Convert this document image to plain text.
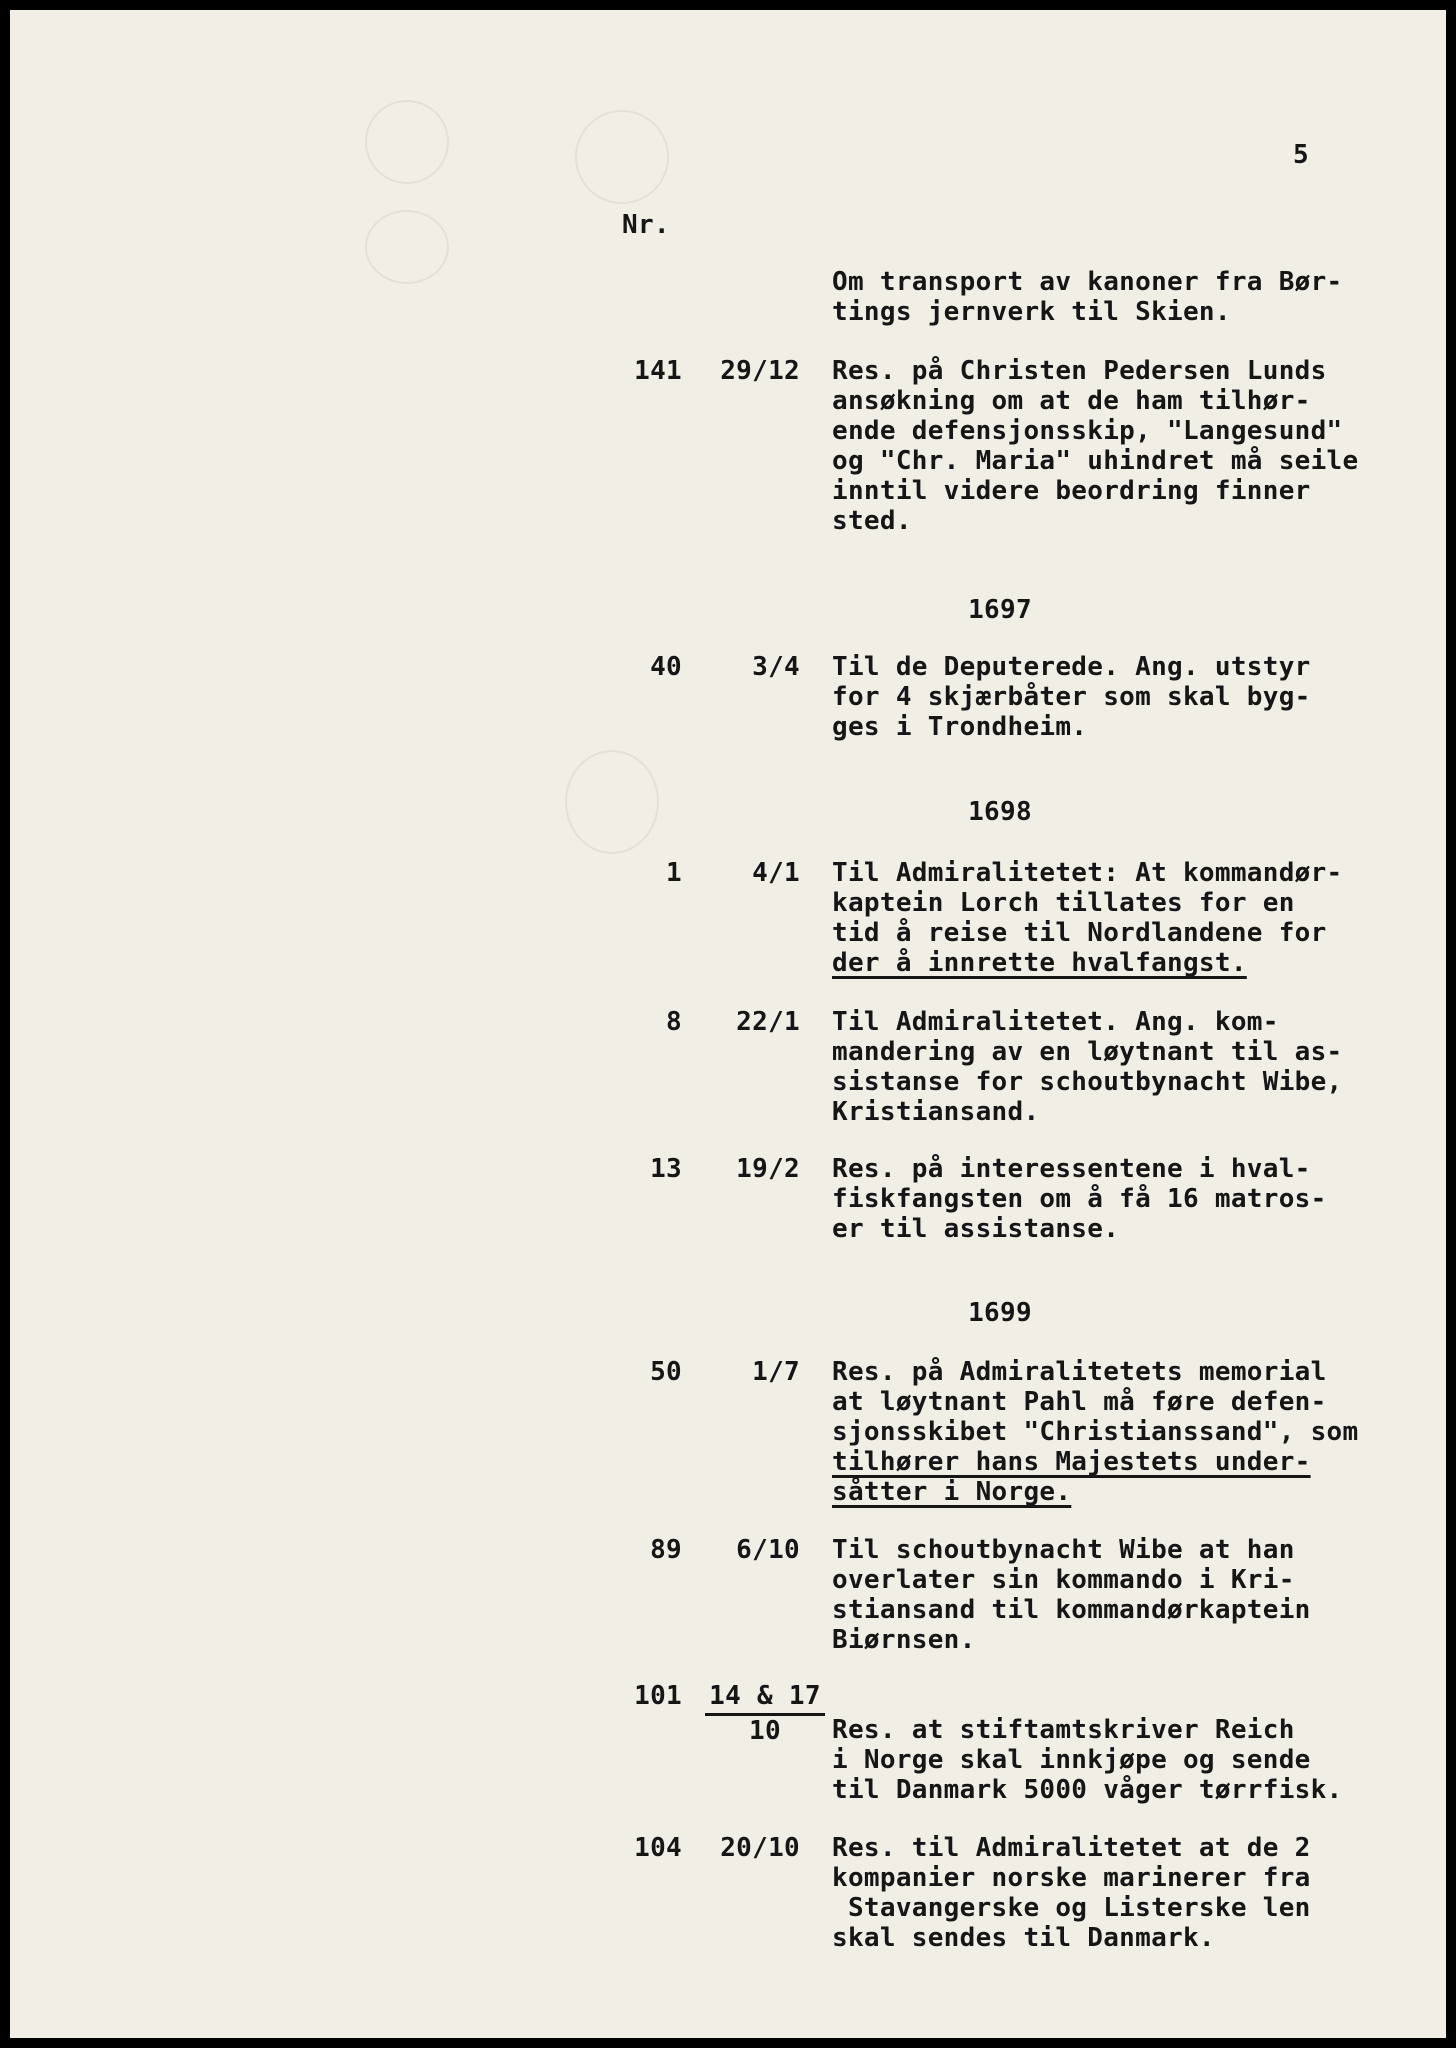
5
Nr.
Om transport av kanoner fra Bør-
tings jernverk til Skien.
141	29/12 Res. på Christen Pedersen Lunds
ansøkning om at de ham tilhør-
ende defensjonsskip, "Langesund"
og "Chr. Maria" uhindret må seile
inntil videre beordring finner
sted.
1697
40	3/4 Til de Deputerede. Ang. utstyr
for 4 skjærbåter som skal byg-
ges i Trondheim.
1698
1	4/1 Til Admiralitetet: At kommandør-
kaptein Lorch tillates for en
tid å reise til Nordlandene for
der å innrette hvalfangst.
8	22/1 Til Admiralitetet. Ang. kom-
mandering av en løytnant til as-
sistanse for schoutbynacht Wibe,
Kristiansand.
13	19/2 Res. på interessentene i hval-
fiskfangsten om å få 16 matros-
er til assistanse.
1699
50	1/7 Res. på Admiralitetets memorial
at løytnant Pahl må føre defen-
sjonsskibet "Christianssand", som
tilhører hans Majestets under-
såtter i Norge.
89	6/10 Til schoutbynacht Wibe at han
overlater sin kommando i Kri-
stiansand til kommandørkaptein
Biørnsen.
$101 \frac{14 \& 17}{10}$ Res. at stiftamtskriver Reich
i Norge skal innkjøpe og sende
til Danmark 5000 våger tørrfisk.
104	20/10 Res. til Admiralitetet at de 2
kompanier norske marinerer fra
Stavangerske og Listerske len
skal sendes til Danmark.
